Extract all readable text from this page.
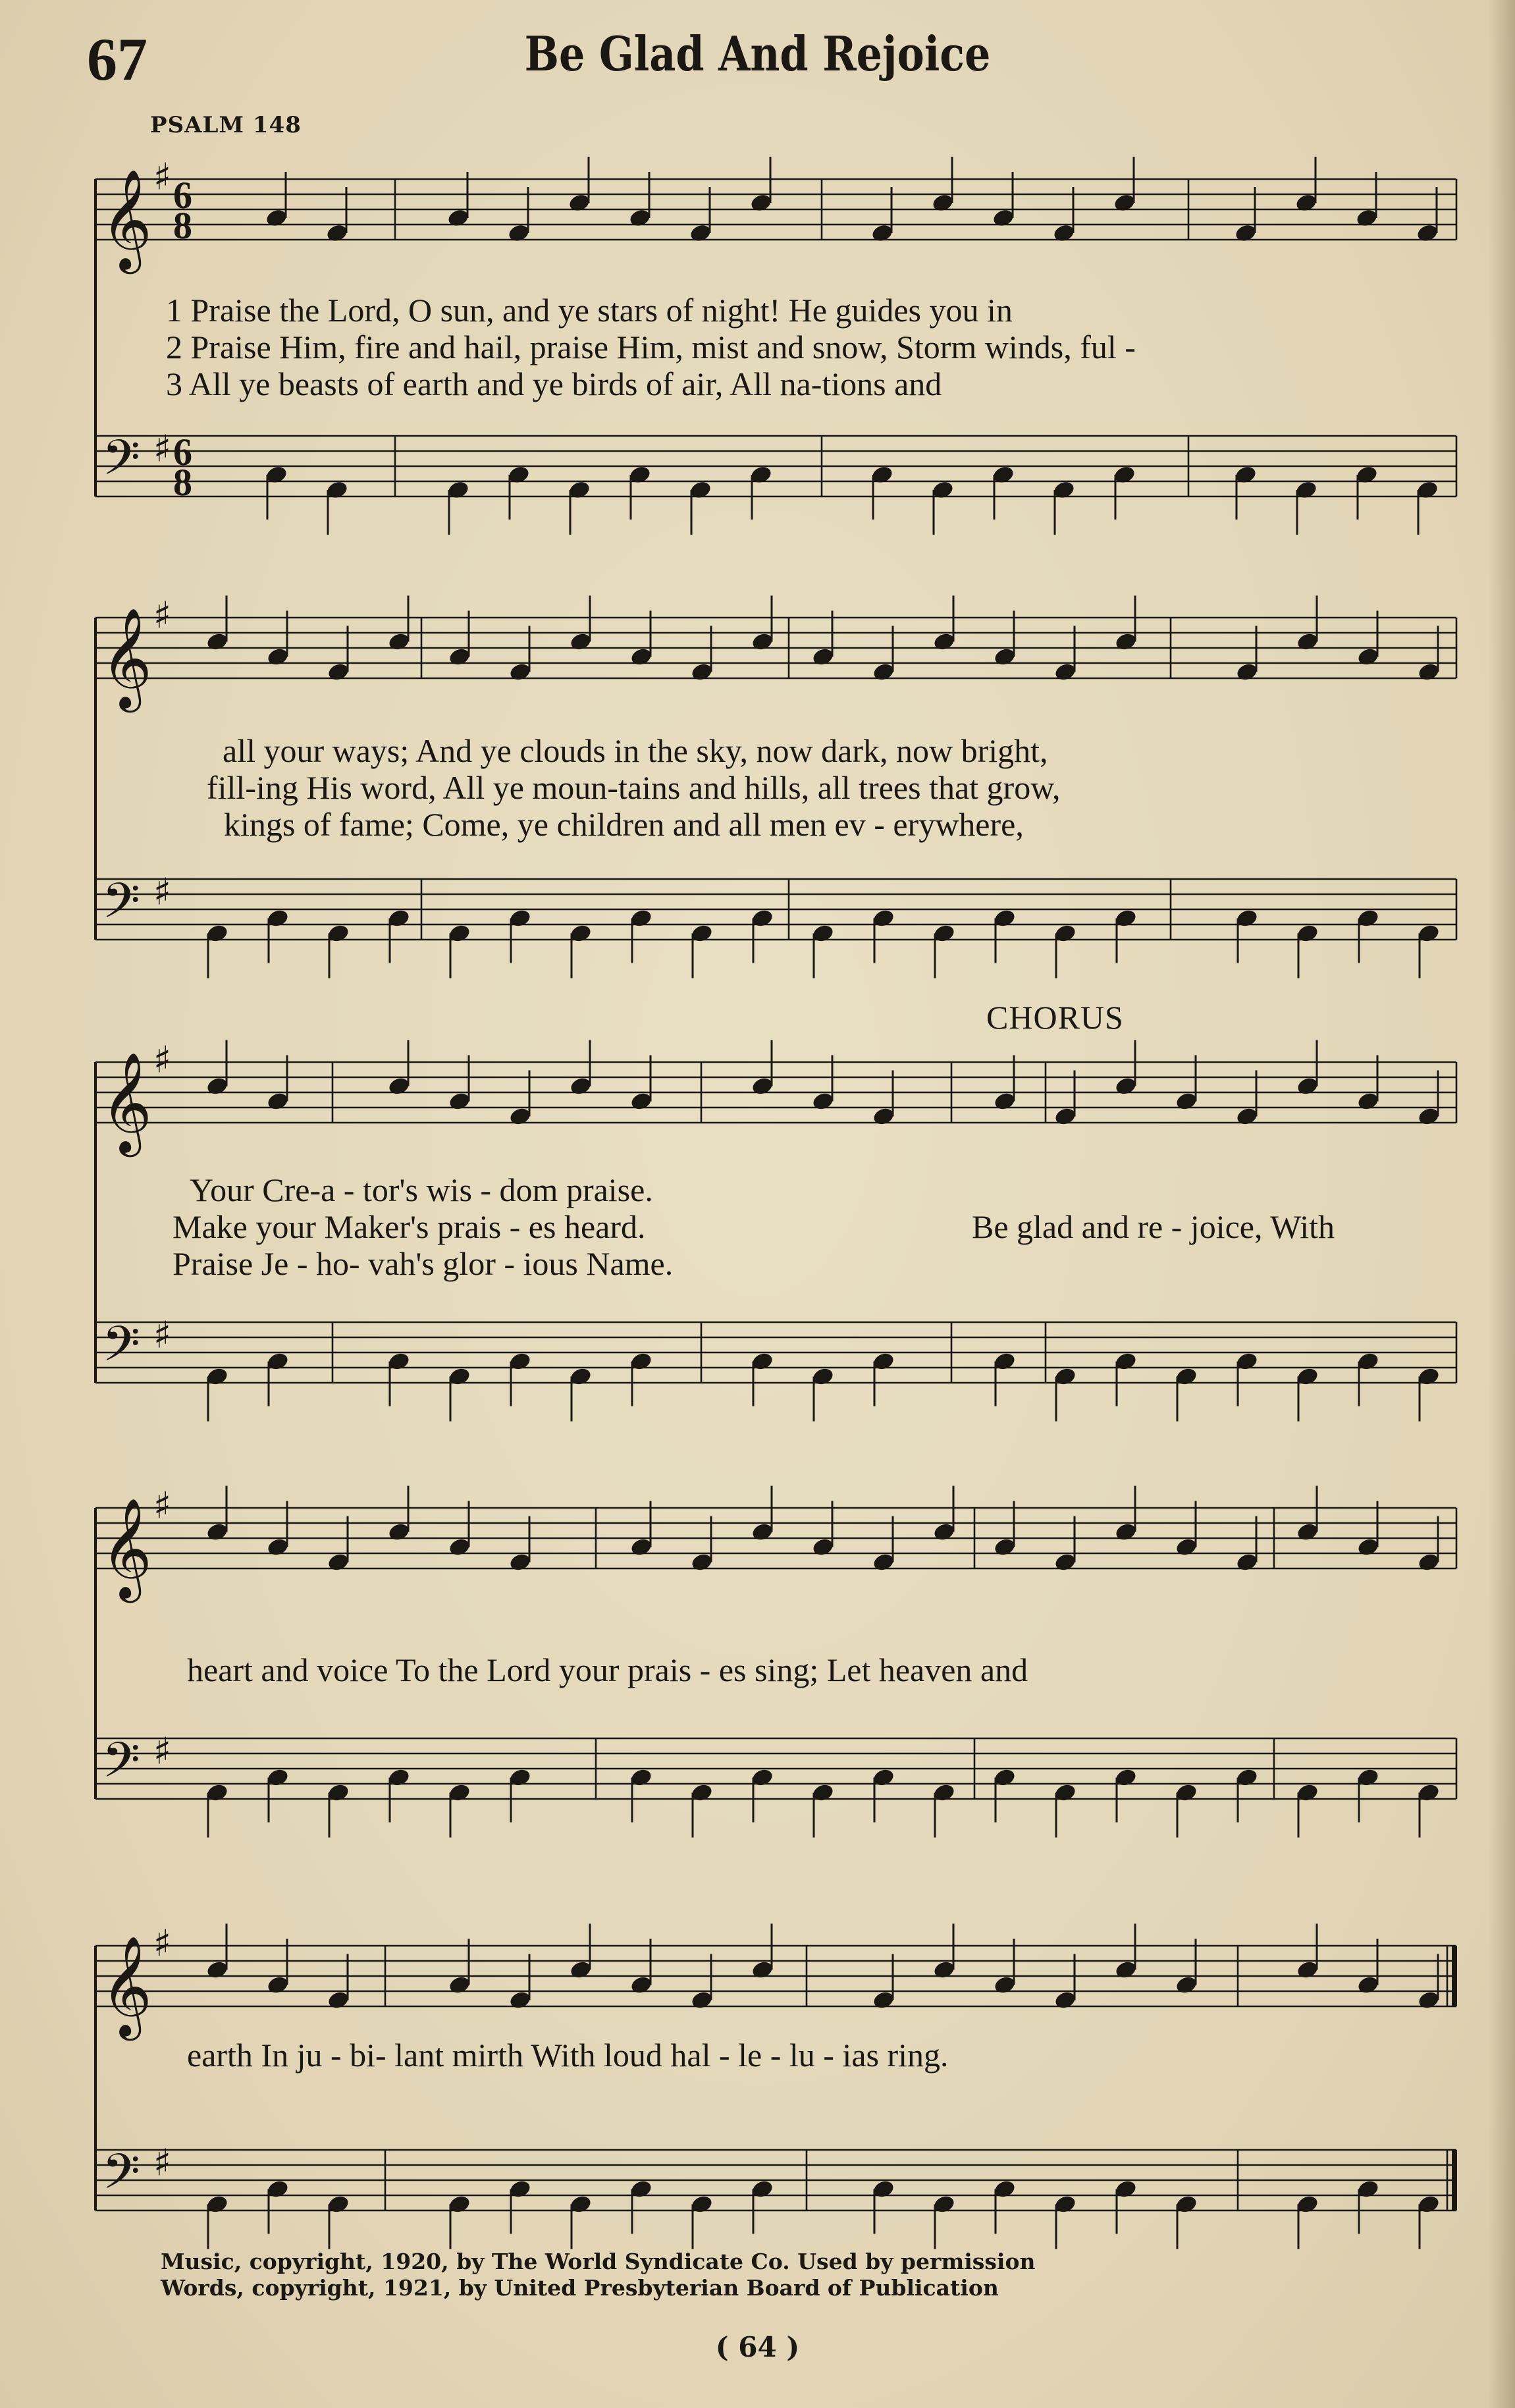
67	Be Glad And Rejoice
PSALM 148
𝄞
𝄢
♯
♯
6
8
6
8
𝄞
𝄢
♯
♯
𝄞
𝄢
♯
♯
𝄞
𝄢
♯
♯
𝄞
𝄢
♯
♯
1 Praise the Lord, O sun, and ye stars of night! He guides you in
2 Praise Him, fire and hail, praise Him, mist and snow, Storm winds, ful -
3 All ye beasts of earth and ye birds of air, All na-tions and
all your ways; And ye clouds in the sky, now dark, now bright,
fill-ing His word, All ye moun-tains and hills, all trees that grow,
kings of fame; Come, ye children and all men ev - erywhere,
CHORUS
Your Cre-a - tor's wis - dom praise.
Make your Maker's prais - es heard.
Praise Je - ho- vah's glor - ious Name.
Be glad and re - joice, With
heart and voice To the Lord your prais - es sing; Let heaven and
earth In ju - bi- lant mirth With loud hal - le - lu - ias ring.
Music, copyright, 1920, by The World Syndicate Co. Used by permission
Words, copyright, 1921, by United Presbyterian Board of Publication
( 64 )
